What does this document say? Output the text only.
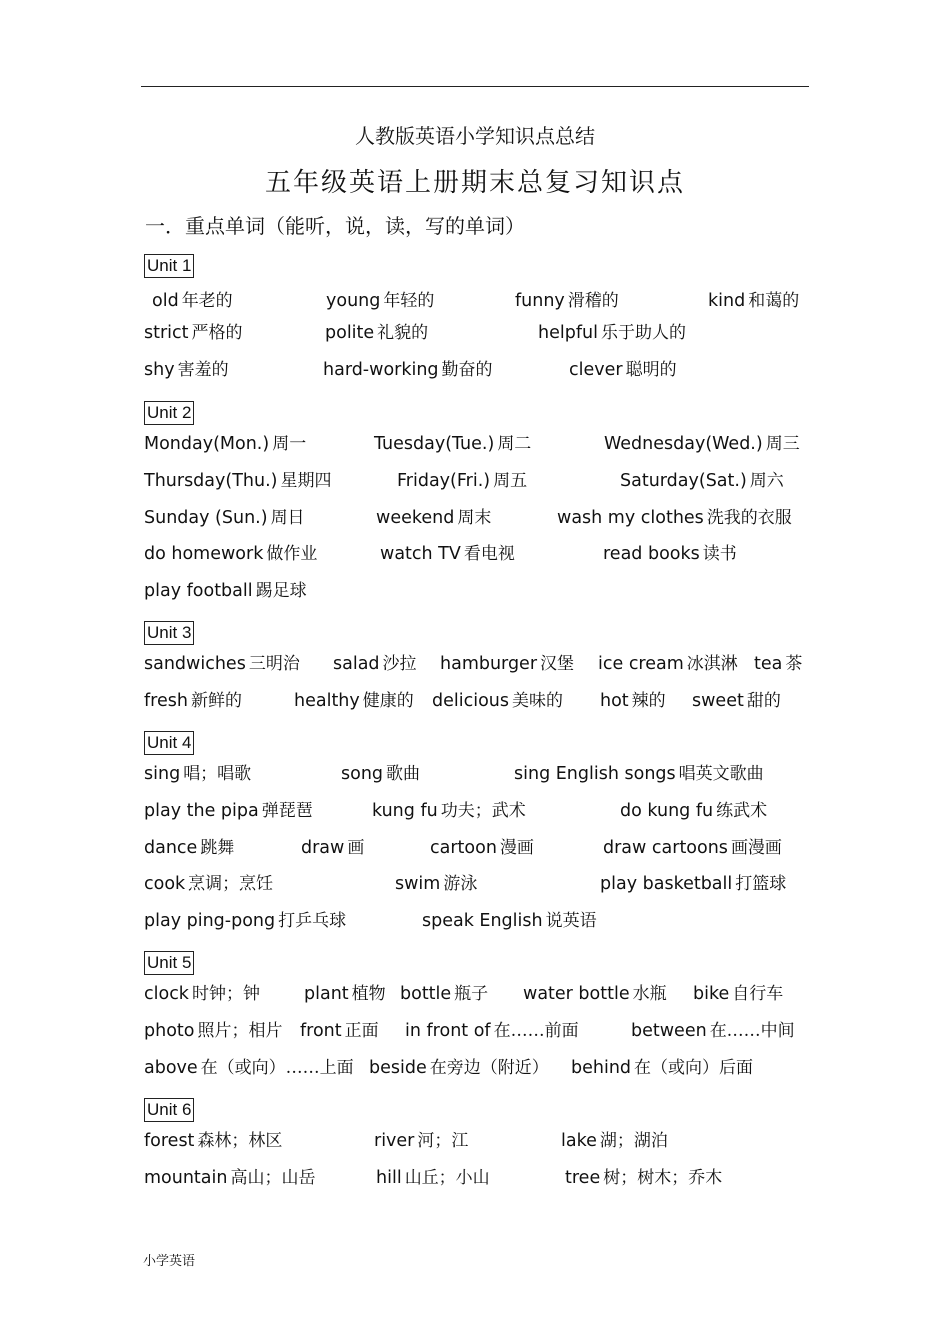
人教版英语小学知识点总结
五年级英语上册期末总复习知识点
一．重点单词（能听，说，读，写的单词）
Unit 1
old 年老的	young 年轻的	funny 滑稽的	kind 和蔼的
strict 严格的	polite 礼貌的	helpful 乐于助人的
shy 害羞的	hard-working 勤奋的	clever 聪明的
Unit 2
Monday(Mon.) 周一	Tuesday(Tue.) 周二	Wednesday(Wed.) 周三
Thursday(Thu.) 星期四	Friday(Fri.) 周五	Saturday(Sat.) 周六
Sunday (Sun.) 周日	weekend 周末	wash my clothes 洗我的衣服
do homework 做作业	watch TV 看电视	read books 读书
play football 踢足球
Unit 3
sandwiches 三明治 salad 沙拉 hamburger 汉堡 ice cream 冰淇淋 tea 茶
fresh 新鲜的	healthy 健康的 delicious 美味的 hot 辣的 sweet 甜的
Unit 4
sing 唱；唱歌	song 歌曲	sing English songs 唱英文歌曲
play the pipa 弹琵琶	kung fu 功夫；武术	do kung fu 练武术
dance 跳舞	draw 画	cartoon 漫画	draw cartoons 画漫画
cook 烹调；烹饪	swim 游泳	play basketball 打篮球
play ping-pong 打乒乓球	speak English 说英语
Unit 5
clock 时钟；钟	plant 植物 bottle 瓶子 water bottle 水瓶 bike 自行车
photo 照片；相片 front 正面 in front of 在……前面	between 在……中间
above 在（或向）……上面 beside 在旁边（附近） behind 在（或向）后面
Unit 6
forest 森林；林区	river 河；江	lake 湖；湖泊
mountain 高山；山岳	hill 山丘；小山	tree 树；树木；乔木
小学英语
